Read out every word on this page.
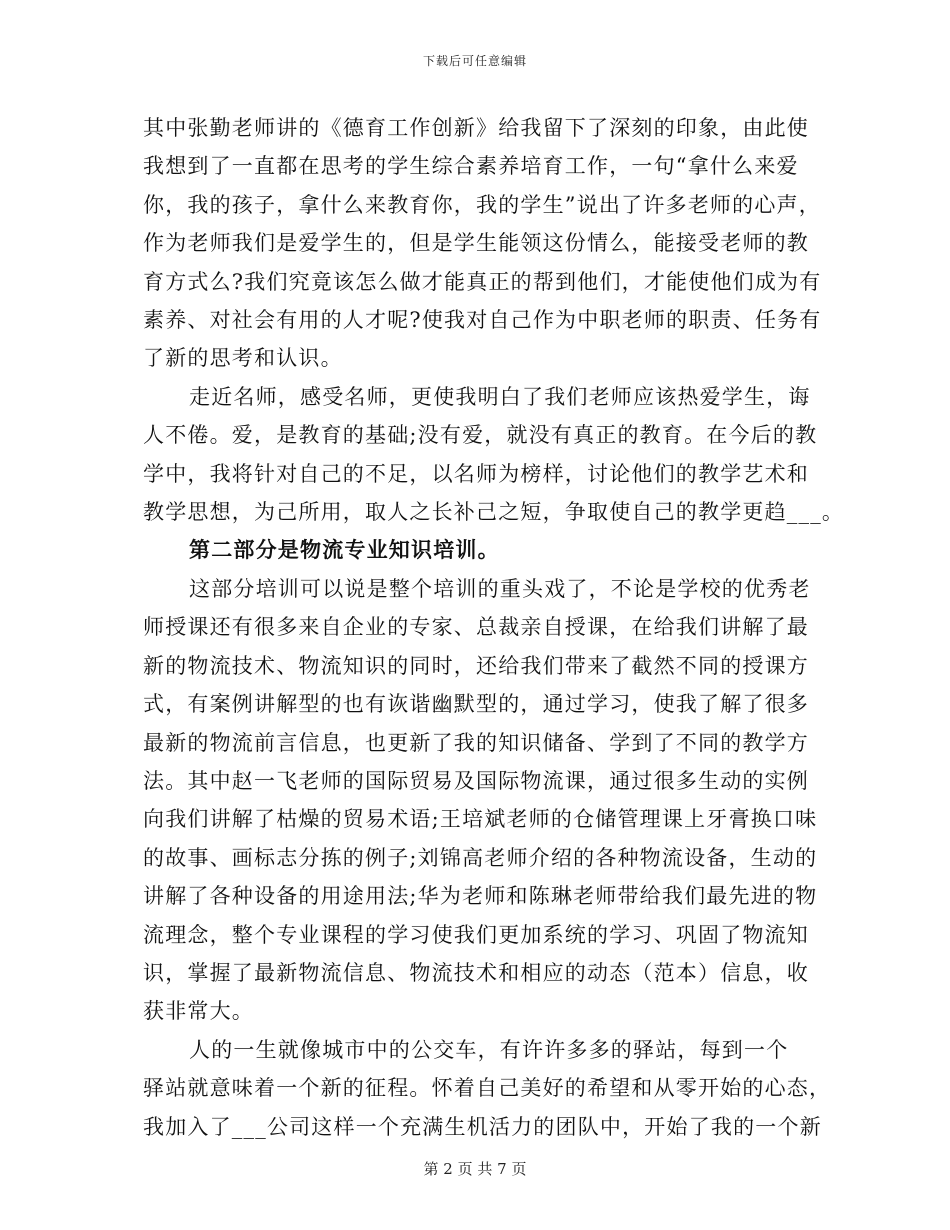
下载后可任意编辑
其中张勤老师讲的《德育工作创新》给我留下了深刻的印象，由此使
我想到了一直都在思考的学生综合素养培育工作，一句“拿什么来爱
你，我的孩子，拿什么来教育你，我的学生”说出了许多老师的心声，
作为老师我们是爱学生的，但是学生能领这份情么，能接受老师的教
育方式么?我们究竟该怎么做才能真正的帮到他们，才能使他们成为有
素养、对社会有用的人才呢?使我对自己作为中职老师的职责、任务有
了新的思考和认识。
走近名师，感受名师，更使我明白了我们老师应该热爱学生，诲
人不倦。爱，是教育的基础;没有爱，就没有真正的教育。在今后的教
学中，我将针对自己的不足，以名师为榜样，讨论他们的教学艺术和
教学思想，为己所用，取人之长补己之短，争取使自己的教学更趋___。
第二部分是物流专业知识培训。
这部分培训可以说是整个培训的重头戏了，不论是学校的优秀老
师授课还有很多来自企业的专家、总裁亲自授课，在给我们讲解了最
新的物流技术、物流知识的同时，还给我们带来了截然不同的授课方
式，有案例讲解型的也有诙谐幽默型的，通过学习，使我了解了很多
最新的物流前言信息，也更新了我的知识储备、学到了不同的教学方
法。其中赵一飞老师的国际贸易及国际物流课，通过很多生动的实例
向我们讲解了枯燥的贸易术语;王培斌老师的仓储管理课上牙膏换口味
的故事、画标志分拣的例子;刘锦高老师介绍的各种物流设备，生动的
讲解了各种设备的用途用法;华为老师和陈琳老师带给我们最先进的物
流理念，整个专业课程的学习使我们更加系统的学习、巩固了物流知
识，掌握了最新物流信息、物流技术和相应的动态（范本）信息，收
获非常大。
人的一生就像城市中的公交车，有许许多多的驿站，每到一个
驿站就意味着一个新的征程。怀着自己美好的希望和从零开始的心态，
我加入了___公司这样一个充满生机活力的团队中，开始了我的一个新
第 2 页 共 7 页
